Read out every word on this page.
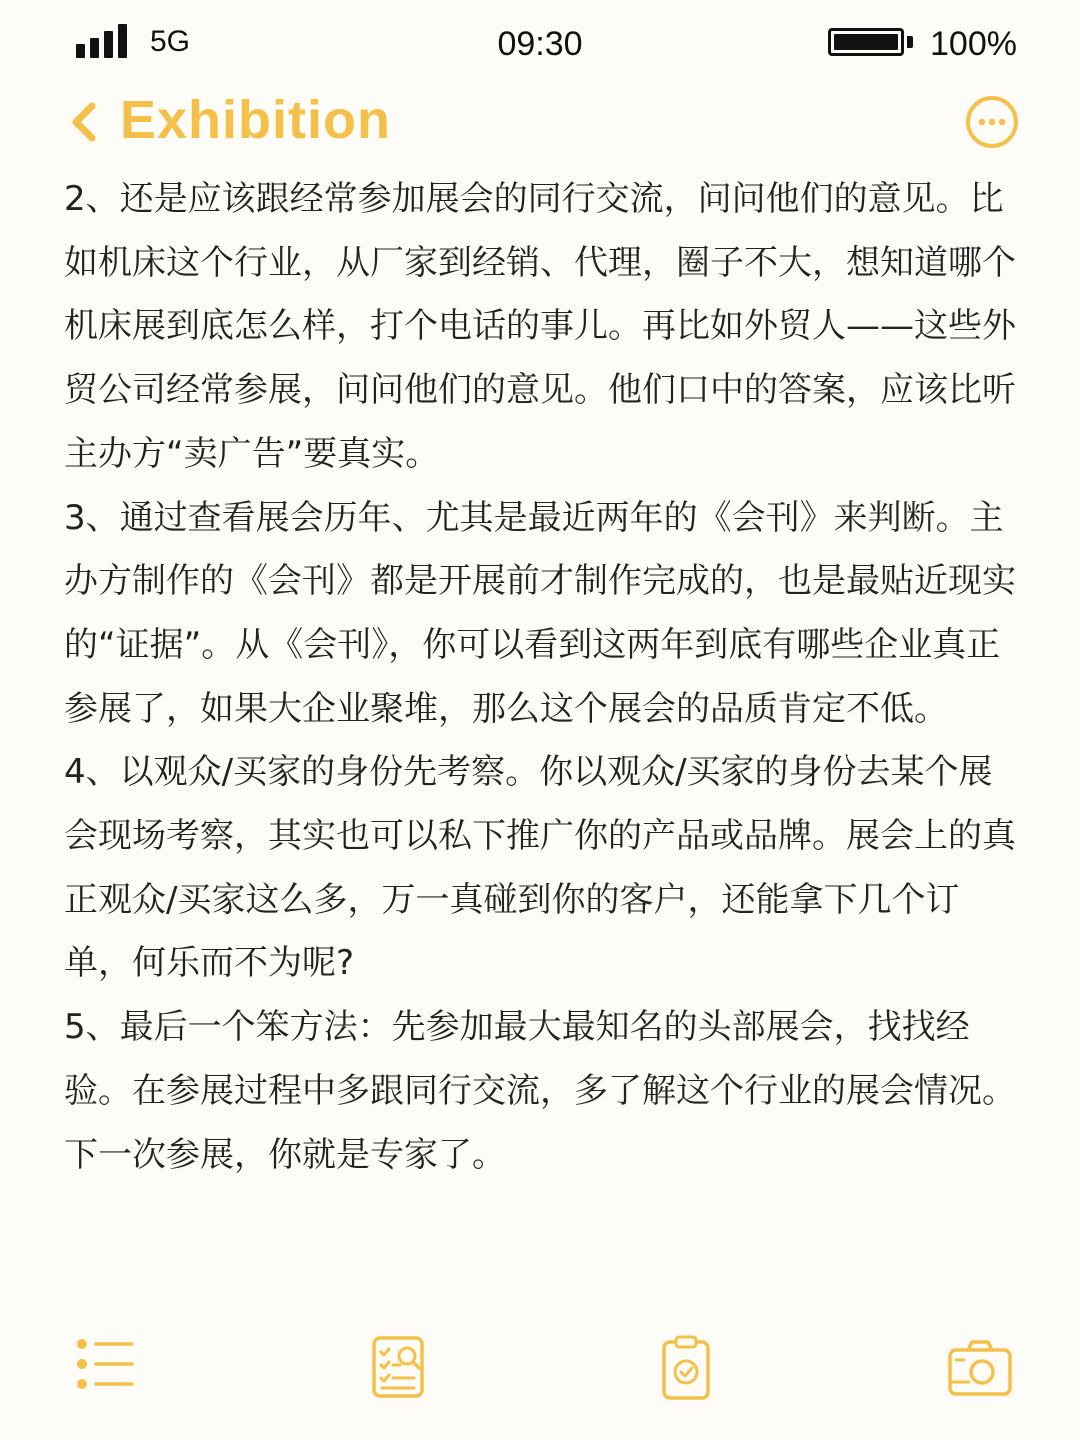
5G	09:30	100%
Exhibition

2、还是应该跟经常参加展会的同行交流，问问他们的意见。比如机床这个行业，从厂家到经销、代理，圈子不大，想知道哪个机床展到底怎么样，打个电话的事儿。再比如外贸人——这些外贸公司经常参展，问问他们的意见。他们口中的答案，应该比听主办方“卖广告”要真实。

3、通过查看展会历年、尤其是最近两年的《会刊》来判断。主办方制作的《会刊》都是开展前才制作完成的，也是最贴近现实的“证据”。从《会刊》，你可以看到这两年到底有哪些企业真正参展了，如果大企业聚堆，那么这个展会的品质肯定不低。

4、以观众/买家的身份先考察。你以观众/买家的身份去某个展会现场考察，其实也可以私下推广你的产品或品牌。展会上的真正观众/买家这么多，万一真碰到你的客户，还能拿下几个订单，何乐而不为呢?

5、最后一个笨方法：先参加最大最知名的头部展会，找找经验。在参展过程中多跟同行交流，多了解这个行业的展会情况。下一次参展，你就是专家了。
